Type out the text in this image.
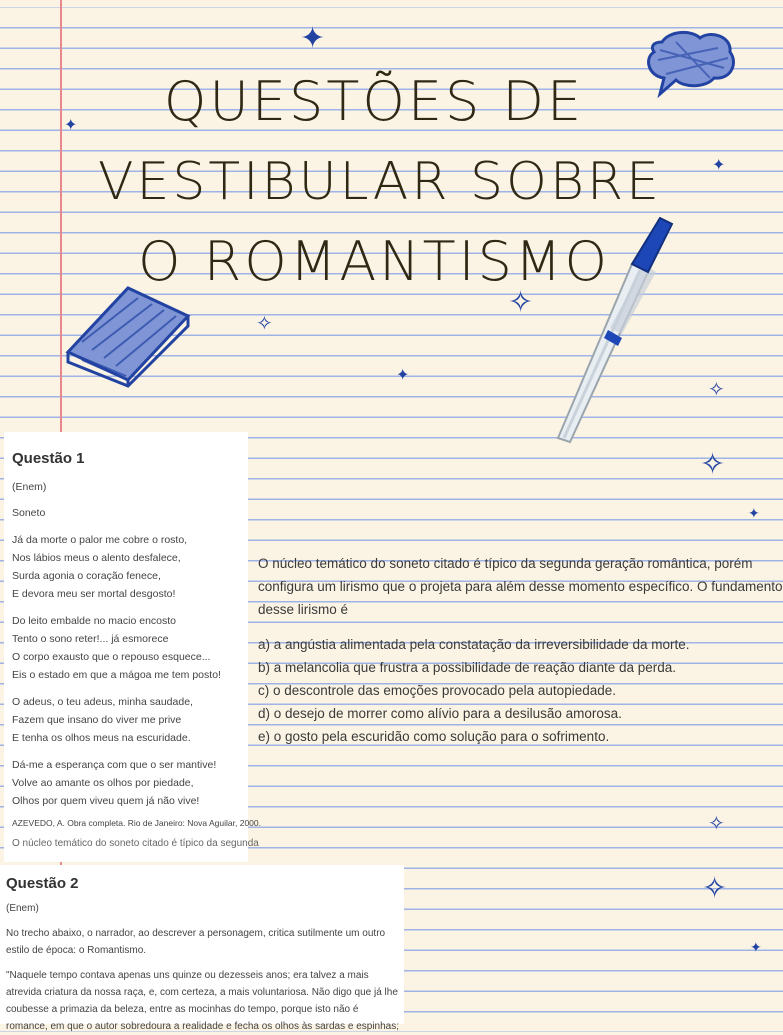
QUESTÕES DE
VESTIBULAR SOBRE
O ROMANTISMO
✦
✦
✦
✧
✧
✦
✧
✧
✦
✧
✧
✦
Questão 1
(Enem)
Soneto
Já da morte o palor me cobre o rosto,
Nos lábios meus o alento desfalece,
Surda agonia o coração fenece,
E devora meu ser mortal desgosto!
Do leito embalde no macio encosto
Tento o sono reter!... já esmorece
O corpo exausto que o repouso esquece...
Eis o estado em que a mágoa me tem posto!
O adeus, o teu adeus, minha saudade,
Fazem que insano do viver me prive
E tenha os olhos meus na escuridade.
Dá-me a esperança com que o ser mantive!
Volve ao amante os olhos por piedade,
Olhos por quem viveu quem já não vive!
AZEVEDO, A. Obra completa. Rio de Janeiro: Nova Aguilar, 2000.
O núcleo temático do soneto citado é típico da segunda
O núcleo temático do soneto citado é típico da segunda geração romântica, porém
configura um lirismo que o projeta para além desse momento específico. O fundamento
desse lirismo é
a) a angústia alimentada pela constatação da irreversibilidade da morte.
b) a melancolia que frustra a possibilidade de reação diante da perda.
c) o descontrole das emoções provocado pela autopiedade.
d) o desejo de morrer como alívio para a desilusão amorosa.
e) o gosto pela escuridão como solução para o sofrimento.
Questão 2
(Enem)
No trecho abaixo, o narrador, ao descrever a personagem, critica sutilmente um outro
estilo de época: o Romantismo.
"Naquele tempo contava apenas uns quinze ou dezesseis anos; era talvez a mais
atrevida criatura da nossa raça, e, com certeza, a mais voluntariosa. Não digo que já lhe
coubesse a primazia da beleza, entre as mocinhas do tempo, porque isto não é
romance, em que o autor sobredoura a realidade e fecha os olhos às sardas e espinhas;
